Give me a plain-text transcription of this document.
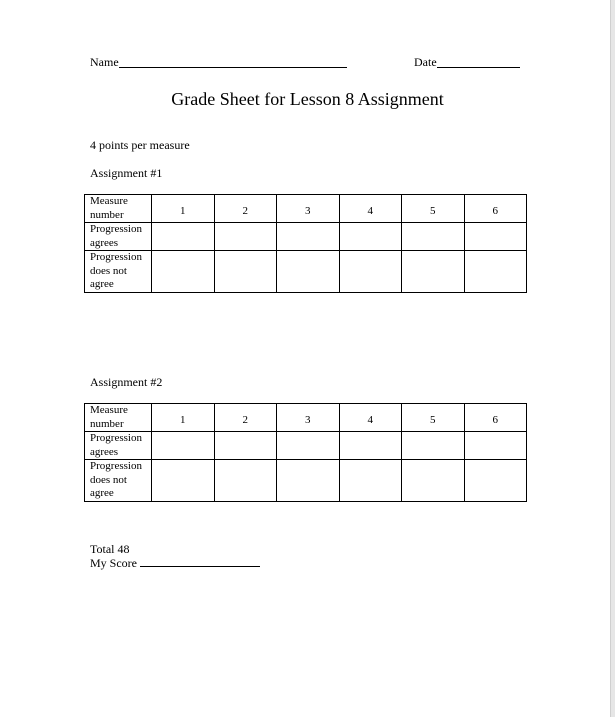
Name	Date
Grade Sheet for Lesson 8 Assignment
4 points per measure
Assignment #1
Measure number	1	2	3	4	5	6
Progression agrees						
Progression does not agree						
Assignment #2
Measure number	1	2	3	4	5	6
Progression agrees						
Progression does not agree						
Total 48
My Score
